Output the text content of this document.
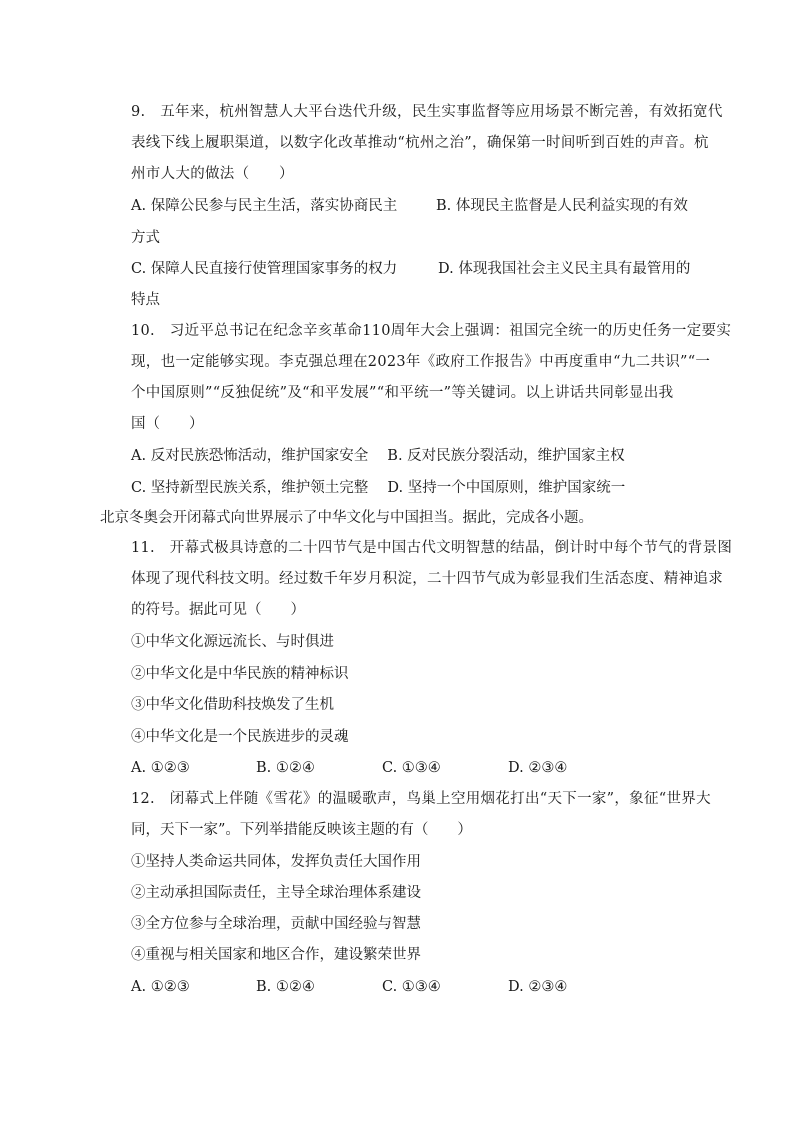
9.　五年来，杭州智慧人大平台迭代升级，民生实事监督等应用场景不断完善，有效拓宽代
表线下线上履职渠道，以数字化改革推动“杭州之治”，确保第一时间听到百姓的声音。杭
州市人大的做法（　　）
A. 保障公民参与民主生活，落实协商民主	B. 体现民主监督是人民利益实现的有效
方式
C. 保障人民直接行使管理国家事务的权力	D. 体现我国社会主义民主具有最管用的
特点
10.　习近平总书记在纪念辛亥革命110周年大会上强调：祖国完全统一的历史任务一定要实
现，也一定能够实现。李克强总理在2023年《政府工作报告》中再度重申“九二共识”“一
个中国原则”“反独促统”及“和平发展”“和平统一”等关键词。以上讲话共同彰显出我
国（　　）
A. 反对民族恐怖活动，维护国家安全　 B. 反对民族分裂活动，维护国家主权
C. 坚持新型民族关系，维护领土完整　 D. 坚持一个中国原则，维护国家统一
北京冬奥会开闭幕式向世界展示了中华文化与中国担当。据此，完成各小题。
11.　开幕式极具诗意的二十四节气是中国古代文明智慧的结晶，倒计时中每个节气的背景图
体现了现代科技文明。经过数千年岁月积淀，二十四节气成为彰显我们生活态度、精神追求
的符号。据此可见（　　）
①中华文化源远流长、与时俱进
②中华文化是中华民族的精神标识
③中华文化借助科技焕发了生机
④中华文化是一个民族进步的灵魂
A. ①②③	B. ①②④	C. ①③④	D. ②③④
12.　闭幕式上伴随《雪花》的温暖歌声，鸟巢上空用烟花打出“天下一家”，象征“世界大
同，天下一家”。下列举措能反映该主题的有（　　）
①坚持人类命运共同体，发挥负责任大国作用
②主动承担国际责任，主导全球治理体系建设
③全方位参与全球治理，贡献中国经验与智慧
④重视与相关国家和地区合作，建设繁荣世界
A. ①②③	B. ①②④	C. ①③④	D. ②③④
